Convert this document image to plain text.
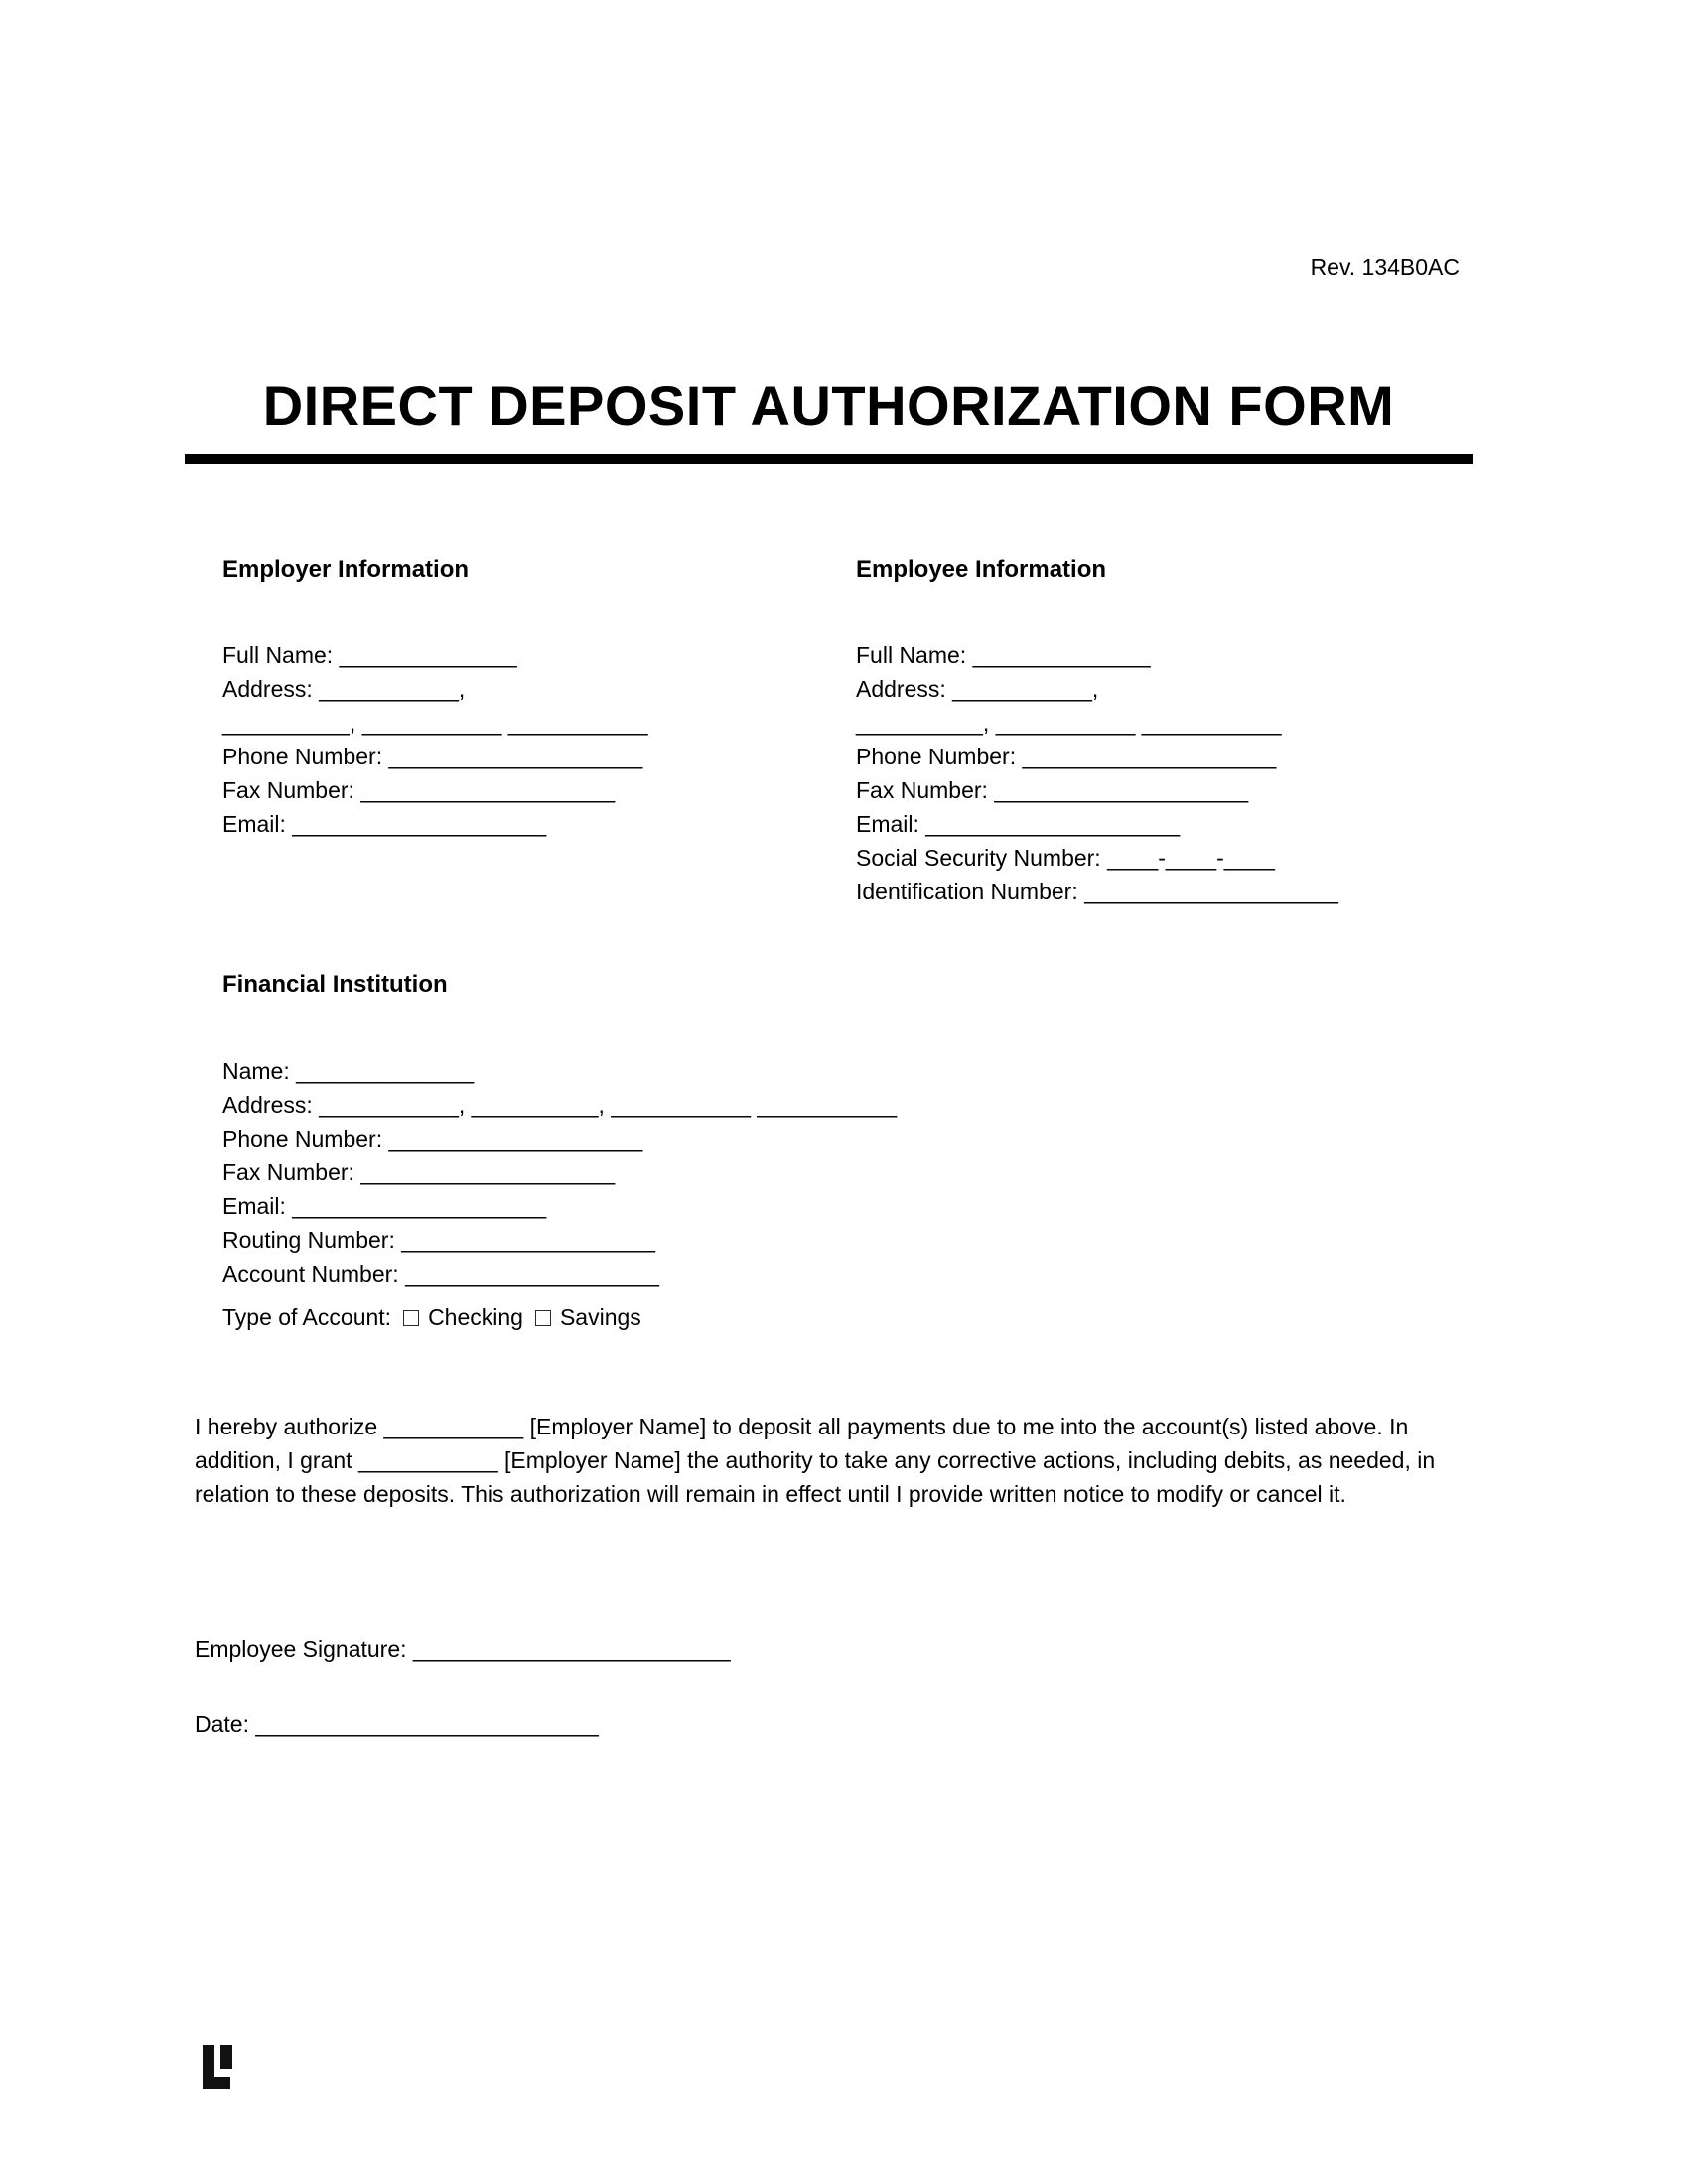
Rev. 134B0AC
DIRECT DEPOSIT AUTHORIZATION FORM
Employer Information	Employee Information
Full Name: ______________
Address: ___________,
__________, ___________ ___________
Phone Number: ____________________
Fax Number: ____________________
Email: ____________________
Full Name: ______________
Address: ___________,
__________, ___________ ___________
Phone Number: ____________________
Fax Number: ____________________
Email: ____________________
Social Security Number: ____-____-____
Identification Number: ____________________
Financial Institution
Name: ______________
Address: ___________, __________, ___________ ___________
Phone Number: ____________________
Fax Number: ____________________
Email: ____________________
Routing Number: ____________________
Account Number: ____________________
Type of Account: Checking Savings
I hereby authorize ___________ [Employer Name] to deposit all payments due to me into the account(s) listed above. In addition, I grant ___________ [Employer Name] the authority to take any corrective actions, including debits, as needed, in relation to these deposits. This authorization will remain in effect until I provide written notice to modify or cancel it.
Employee Signature: _________________________
Date: ___________________________
